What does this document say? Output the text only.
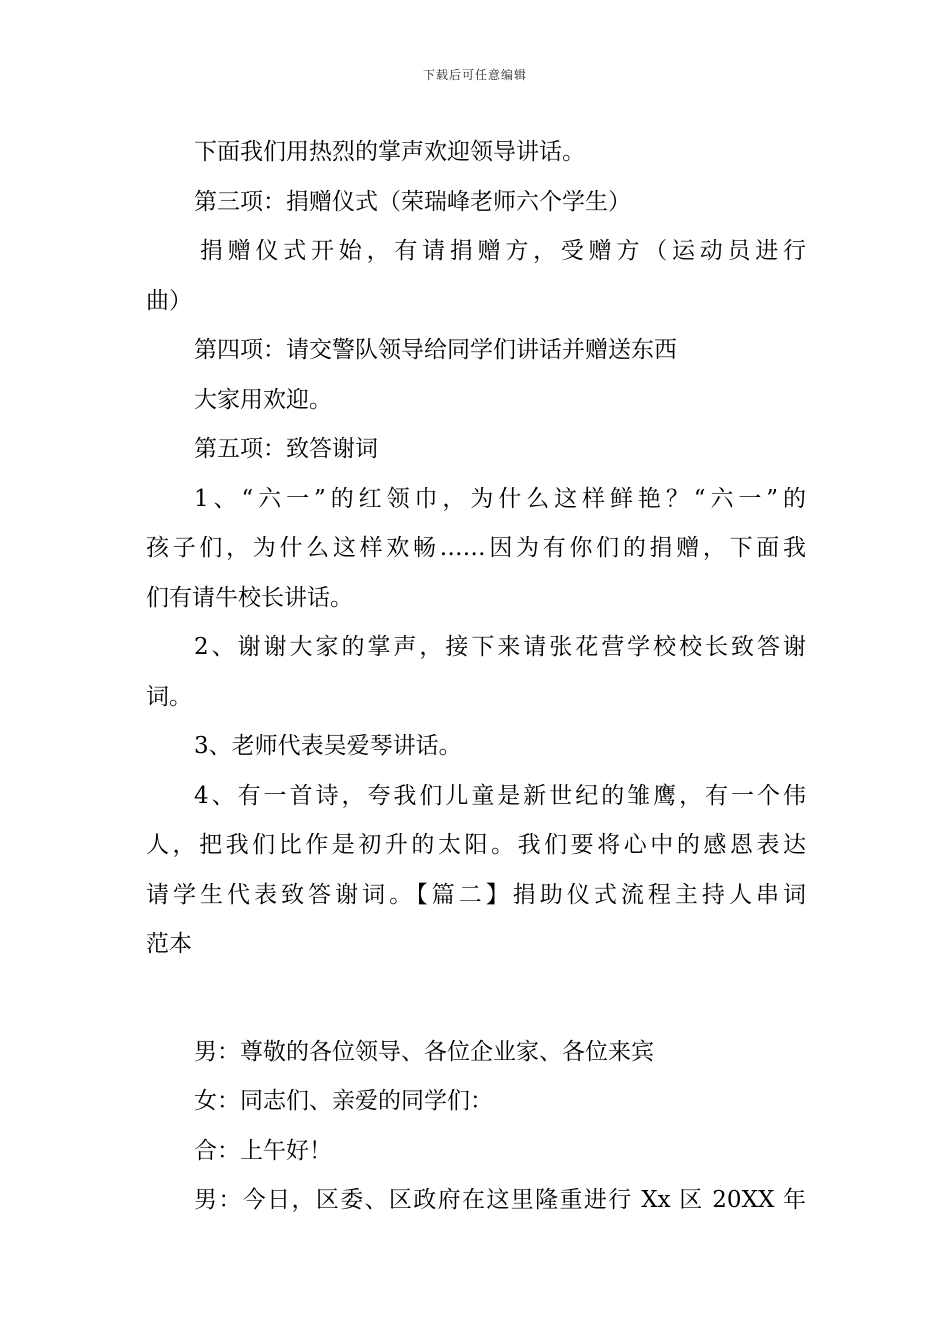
下载后可任意编辑
下面我们用热烈的掌声欢迎领导讲话。
第三项：捐赠仪式（荣瑞峰老师六个学生）
捐赠仪式开始，有请捐赠方，受赠方（运动员进行
曲）
第四项：请交警队领导给同学们讲话并赠送东西
大家用欢迎。
第五项：致答谢词
1、“六一”的红领巾，为什么这样鲜艳？“六一”的
孩子们，为什么这样欢畅……因为有你们的捐赠，下面我
们有请牛校长讲话。
2、谢谢大家的掌声，接下来请张花营学校校长致答谢
词。
3、老师代表吴爱琴讲话。
4、有一首诗，夸我们儿童是新世纪的雏鹰，有一个伟
人，把我们比作是初升的太阳。我们要将心中的感恩表达
请学生代表致答谢词。【篇二】捐助仪式流程主持人串词
范本
男：尊敬的各位领导、各位企业家、各位来宾
女：同志们、亲爱的同学们：
合：上午好！
男：今日，区委、区政府在这里隆重进行 Xx 区 20XX 年
